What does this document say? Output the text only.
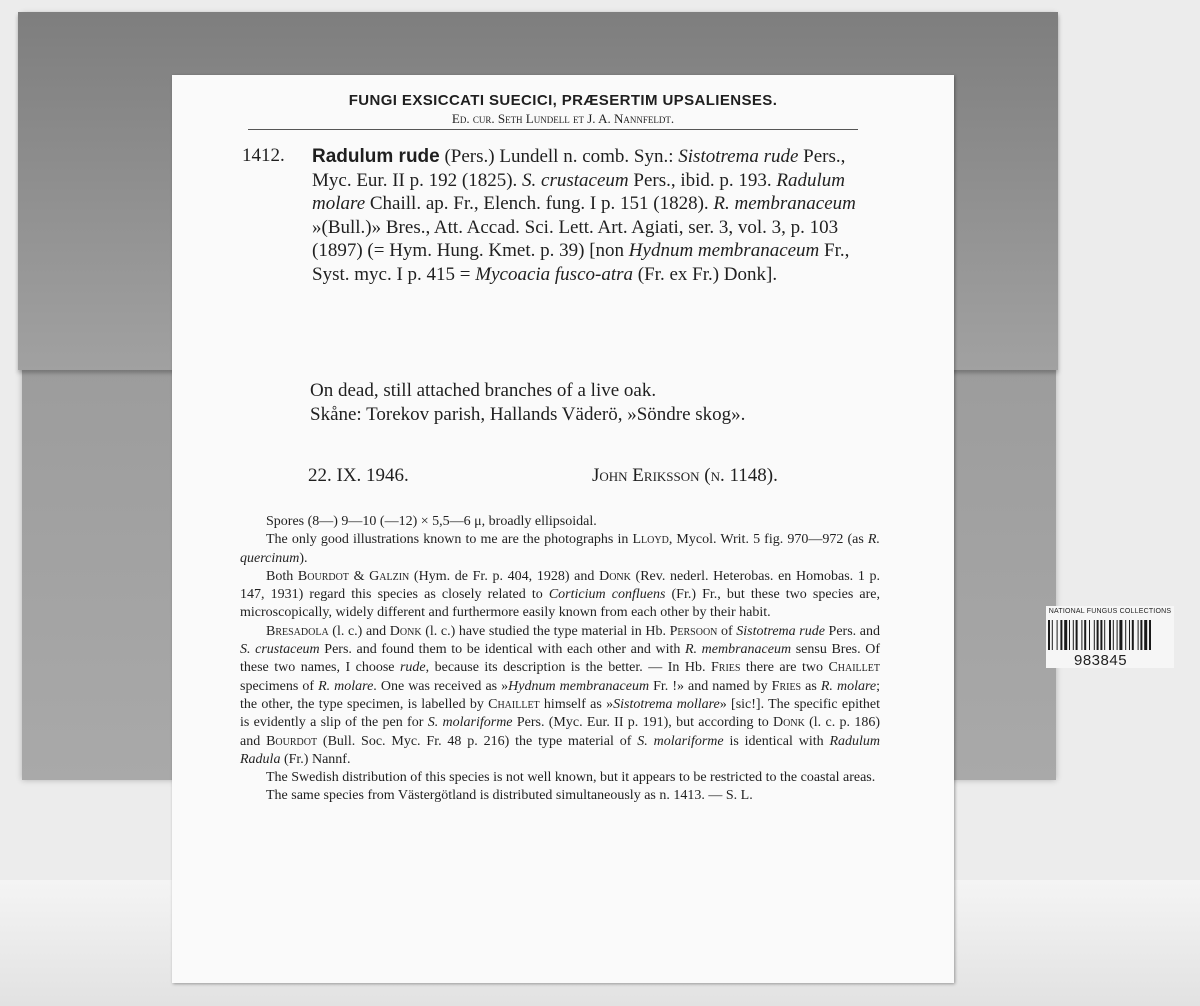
FUNGI EXSICCATI SUECICI, PRÆSERTIM UPSALIENSES.
Ed. cur. Seth Lundell et J. A. Nannfeldt.
1412. Radulum rude (Pers.) Lundell n. comb. Syn.: Sistotrema rude Pers., Myc. Eur. II p. 192 (1825). S. crustaceum Pers., ibid. p. 193. Radulum molare Chaill. ap. Fr., Elench. fung. I p. 151 (1828). R. membranaceum »(Bull.)» Bres., Att. Accad. Sci. Lett. Art. Agiati, ser. 3, vol. 3, p. 103 (1897) (= Hym. Hung. Kmet. p. 39) [non Hydnum membranaceum Fr., Syst. myc. I p. 415 = Mycoacia fusco-atra (Fr. ex Fr.) Donk].
On dead, still attached branches of a live oak.
Skåne: Torekov parish, Hallands Väderö, »Söndre skog».
22. IX. 1946.	John Eriksson (n. 1148).

Spores (8—) 9—10 (—12) × 5,5—6 μ, broadly ellipsoidal.

The only good illustrations known to me are the photographs in Lloyd, Mycol. Writ. 5 fig. 970—972 (as R. quercinum).

Both Bourdot & Galzin (Hym. de Fr. p. 404, 1928) and Donk (Rev. nederl. Heterobas. en Homobas. 1 p. 147, 1931) regard this species as closely related to Corticium confluens (Fr.) Fr., but these two species are, microscopically, widely different and furthermore easily known from each other by their habit.

Bresadola (l. c.) and Donk (l. c.) have studied the type material in Hb. Persoon of Sistotrema rude Pers. and S. crustaceum Pers. and found them to be identical with each other and with R. membranaceum sensu Bres. Of these two names, I choose rude, because its description is the better. — In Hb. Fries there are two Chaillet specimens of R. molare. One was received as »Hydnum membranaceum Fr. !» and named by Fries as R. molare; the other, the type specimen, is labelled by Chaillet himself as »Sistotrema mollare» [sic!]. The specific epithet is evidently a slip of the pen for S. molariforme Pers. (Myc. Eur. II p. 191), but according to Donk (l. c. p. 186) and Bourdot (Bull. Soc. Myc. Fr. 48 p. 216) the type material of S. molariforme is identical with Radulum Radula (Fr.) Nannf.

The Swedish distribution of this species is not well known, but it appears to be restricted to the coastal areas.

The same species from Västergötland is distributed simultaneously as n. 1413. — S. L.

NATIONAL FUNGUS COLLECTIONS
983845
